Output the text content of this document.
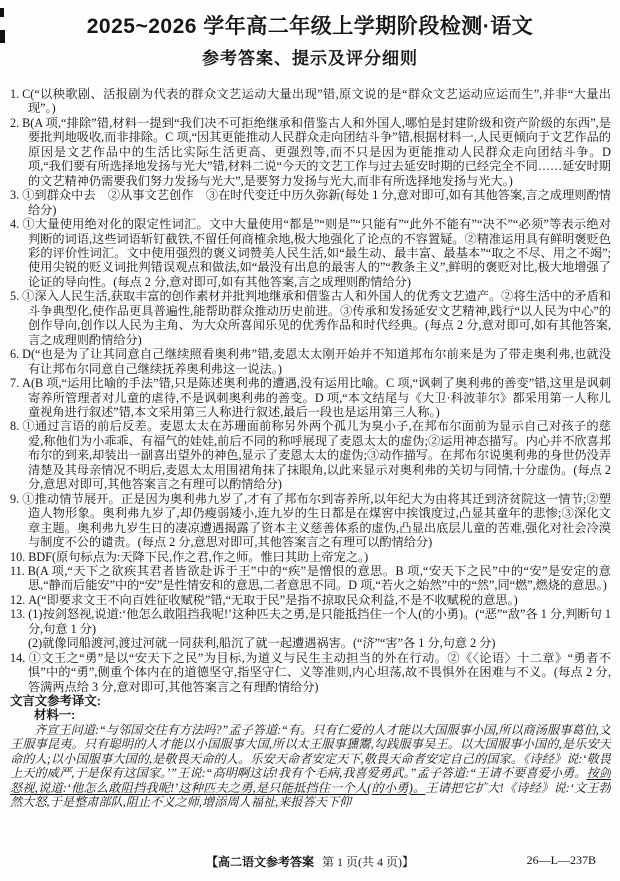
2025~2026 学年高二年级上学期阶段检测·语文
参考答案、提示及评分细则

1. C(“以秧歌剧、活报剧为代表的群众文艺运动大量出现”错,原文说的是“群众文艺运动应运而生”,并非“大量出现”。)

2. B(A 项,“排除”错,材料一提到“我们决不可拒绝继承和借鉴古人和外国人,哪怕是封建阶级和资产阶级的东西”,是要批判地吸收,而非排除。C 项,“因其更能推动人民群众走向团结斗争”错,根据材料一,人民更倾向于文艺作品的原因是文艺作品中的生活比实际生活更高、更强烈等,而不只是因为更能推动人民群众走向团结斗争。D 项,“我们要有所选择地发扬与光大”错,材料二说“今天的文艺工作与过去延安时期的已经完全不同……延安时期的文艺精神仍需要我们努力发扬与光大”,是要努力发扬与光大,而非有所选择地发扬与光大。)

3. ①到群众中去　②从事文艺创作　③在时代变迁中历久弥新(每处 1 分,意对即可,如有其他答案,言之成理则酌情给分)

4. ①大量使用绝对化的限定性词汇。文中大量使用“都是”“则是”“只能有”“此外不能有”“决不”“必须”等表示绝对判断的词语,这些词语斩钉截铁,不留任何商榷余地,极大地强化了论点的不容置疑。②精准运用具有鲜明褒贬色彩的评价性词汇。文中使用强烈的褒义词赞美人民生活,如“最生动、最丰富、最基本”“取之不尽、用之不竭”;使用尖锐的贬义词批判错误观点和做法,如“最没有出息的最害人的”“教条主义”,鲜明的褒贬对比,极大地增强了论证的导向性。(每点 2 分,意对即可,如有其他答案,言之成理则酌情给分)

5. ①深入人民生活,获取丰富的创作素材并批判地继承和借鉴古人和外国人的优秀文艺遗产。②将生活中的矛盾和斗争典型化,使作品更具普遍性,能帮助群众推动历史前进。③传承和发扬延安文艺精神,践行“以人民为中心”的创作导向,创作以人民为主角、为大众所喜闻乐见的优秀作品和时代经典。(每点 2 分,意对即可,如有其他答案,言之成理则酌情给分)

6. D(“也是为了让其同意自己继续照看奥利弗”错,麦恩太太刚开始并不知道邦布尔前来是为了带走奥利弗,也就没有让邦布尔同意自己继续抚养奥利弗这一说法。)

7. A(B 项,“运用比喻的手法”错,只是陈述奥利弗的遭遇,没有运用比喻。C 项,“讽刺了奥利弗的善变”错,这里是讽刺寄养所管理者对儿童的虐待,不是讽刺奥利弗的善变。D 项,“本文结尾与《大卫·科波菲尔》都采用第一人称儿童视角进行叙述”错,本文采用第三人称进行叙述,最后一段也是运用第三人称。)

8. ①通过言语的前后反差。麦恩太太在苏珊面前称另外两个孤儿为臭小子,在邦布尔面前为显示自己对孩子的慈爱,称他们为小乖乖、有福气的娃娃,前后不同的称呼展现了麦恩太太的虚伪;②运用神态描写。内心并不欣喜邦布尔的到来,却装出一副喜出望外的神色,显示了麦恩太太的虚伪;③动作描写。在邦布尔说奥利弗的身世仍没弄清楚及其母亲情况不明后,麦恩太太用围裙角抹了抹眼角,以此来显示对奥利弗的关切与同情,十分虚伪。(每点 2 分,意思对即可,其他答案言之有理可以酌情给分)

9. ①推动情节展开。正是因为奥利弗九岁了,才有了邦布尔到寄养所,以年纪大为由将其迁到济贫院这一情节;②塑造人物形象。奥利弗九岁了,却仍瘦弱矮小,连九岁的生日都是在煤窖中挨饿度过,凸显其童年的悲惨;③深化文章主题。奥利弗九岁生日的凄凉遭遇揭露了资本主义慈善体系的虚伪,凸显出底层儿童的苦难,强化对社会冷漠与制度不公的谴责。(每点 2 分,意思对即可,其他答案言之有理可以酌情给分)

10. BDF(原句标点为:天降下民,作之君,作之师。惟曰其助上帝宠之。)

11. B(A 项,“天下之欲疾其君者皆欲赴诉于王”中的“疾”是憎恨的意思。B 项,“安天下之民”中的“安”是安定的意思,“静而后能安”中的“安”是性情安和的意思,二者意思不同。D 项,“若火之始然”中的“然”,同“燃”,燃烧的意思。)

12. A(“即要求文王不向百姓征收赋税”错,“无取于民”是指不掠取民众利益,不是不收赋税的意思。)

13. (1)按剑怒视,说道:‘他怎么敢阻挡我呢!’这种匹夫之勇,是只能抵挡住一个人(的小勇)。(“恶”“敌”各 1 分,判断句 1 分,句意 1 分)

(2)就像同船渡河,渡过河就一同获利,船沉了就一起遭遇祸害。(“济”“害”各 1 分,句意 2 分)

14. ①文王之“勇”是以“安天下之民”为目标,为道义与民生主动担当的外在行动。②《〈论语〉十二章》“勇者不惧”中的“勇”,侧重个体内在的道德坚守,指坚守仁、义等准则,内心坦荡,故不畏惧外在困难与不义。(每点 2 分,答满两点给 3 分,意对即可,其他答案言之有理酌情给分)

文言文参考译文:

材料一:

齐宣王问道:“与邻国交往有方法吗?”孟子答道:“有。只有仁爱的人才能以大国服事小国,所以商汤服事葛伯,文王服事昆夷。只有聪明的人才能以小国服事大国,所以太王服事獯鬻,勾践服事吴王。以大国服事小国的,是乐安天命的人;以小国服事大国的,是敬畏天命的人。乐安天命者安定天下,敬畏天命者安定自己的国家。《诗经》说:‘敬畏上天的威严,于是保有这国家。’”王说:“高明啊这话!我有个毛病,我喜爱勇武。”孟子答道:“王请不要喜爱小勇。按剑怒视,说道:‘他怎么敢阻挡我呢!’这种匹夫之勇,是只能抵挡住一个人(的小勇)。王请把它扩大!《诗经》说:‘文王勃然大怒,于是整肃部队,阻止不义之师,增添周人福祉,来报答天下仰

【高二语文参考答案 第 1 页(共 4 页)】	26—L—237B
